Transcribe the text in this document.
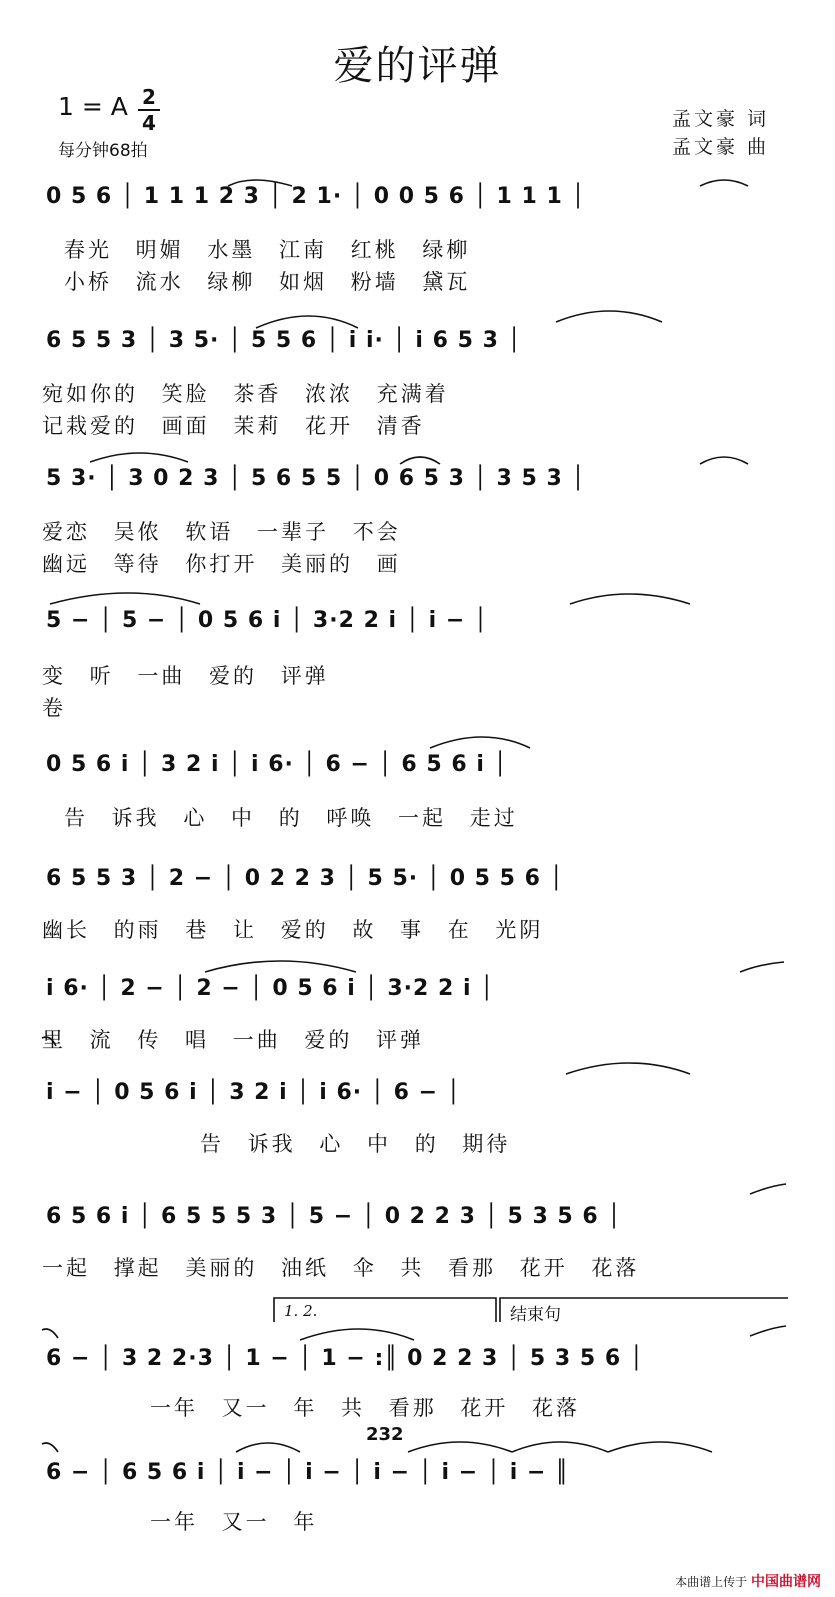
爱的评弹
1 = A 2
4
每分钟68拍
孟文豪 词
孟文豪 曲
0 5 6 │ 1 1 1 2 3 │ 2 1· │ 0 0 5 6 │ 1 1 1 │
春光 明媚 水墨 江南 红桃 绿柳
小桥 流水 绿柳 如烟 粉墙 黛瓦
6 5 5 3 │ 3 5· │ 5 5 6 │ i i· │ i 6 5 3 │
宛如你的 笑脸 茶香 浓浓 充满着
记栽爱的 画面 茉莉 花开 清香
5 3· │ 3 0 2 3 │ 5 6 5 5 │ 0 6 5 3 │ 3 5 3 │
爱恋 吴侬 软语 一辈子 不会
幽远 等待 你打开 美丽的 画
5 − │ 5 − │ 0 5 6 i │ 3·2 2 i │ i − │
变 听 一曲 爱的 评弹
卷
0 5 6 i │ 3 2 i │ i 6· │ 6 − │ 6 5 6 i │
告 诉我 心 中 的 呼唤 一起 走过
6 5 5 3 │ 2 − │ 0 2 2 3 │ 5 5· │ 0 5 5 6 │
幽长 的雨 巷 让 爱的 故 事 在 光阴
i 6· │ 2 − │ 2 − │ 0 5 6 i │ 3·2 2 i │
里 流 传 唱 一曲 爱的 评弹
i − │ 0 5 6 i │ 3 2 i │ i 6· │ 6 − │
告 诉我 心 中 的 期待
6 5 6 i │ 6 5 5 5 3 │ 5 − │ 0 2 2 3 │ 5 3 5 6 │
一起 撑起 美丽的 油纸 伞 共 看那 花开 花落
1. 2.	结束句
6 − │ 3 2 2·3 │ 1 − │ 1 − :║ 0 2 2 3 │ 5 3 5 6 │
一年 又一 年 共 看那 花开 花落
232
6 − │ 6 5 6 i │ i − │ i − │ i − │ i − │ i − ║
一年 又一 年
本曲谱上传于 中国曲谱网
